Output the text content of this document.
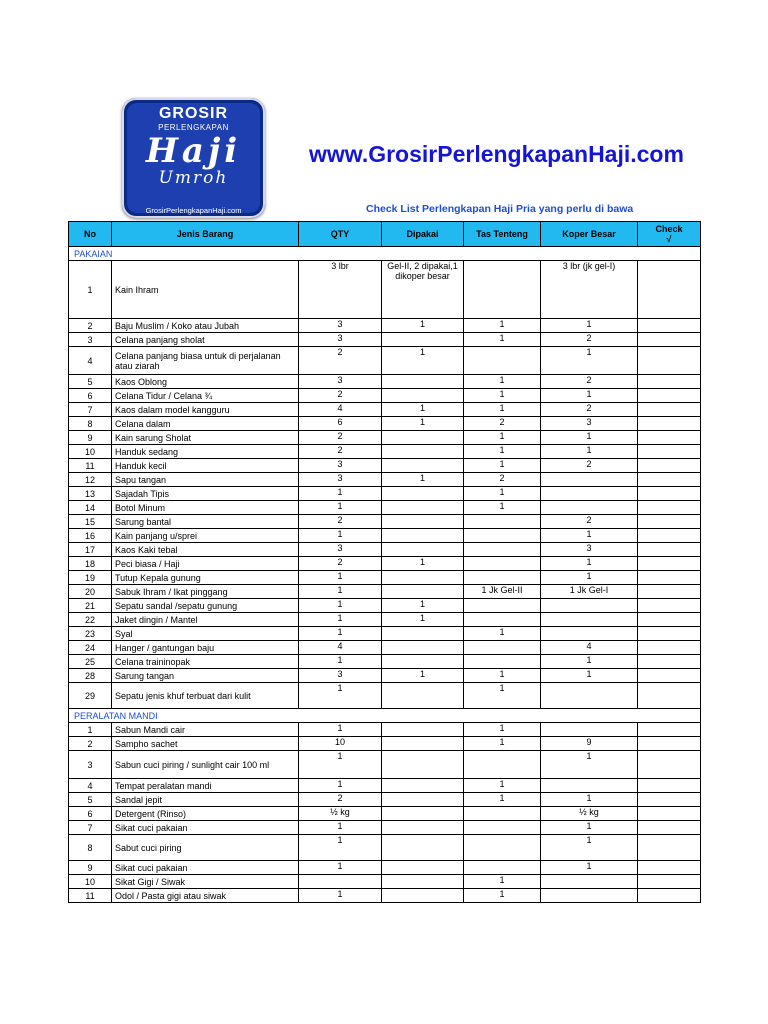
GROSIR
PERLENGKAPAN
Haji
Umroh
GrosirPerlengkapanHaji.com
www.GrosirPerlengkapanHaji.com
Check List Perlengkapan Haji Pria yang perlu di bawa
No	Jenis Barang	QTY	Dipakai	Tas Tenteng	Koper Besar	Check
√

PAKAIAN						
1	Kain Ihram	3 lbr	Gel-II, 2 dipakai,1 dikoper besar		3 lbr (jk gel-I)	
2	Baju Muslim / Koko atau Jubah	3	1	1	1	
3	Celana panjang sholat	3		1	2	
4	Celana panjang biasa untuk di perjalanan atau ziarah	2	1		1	
5	Kaos Oblong	3		1	2	
6	Celana Tidur / Celana ¾	2		1	1	
7	Kaos dalam model kangguru	4	1	1	2	
8	Celana dalam	6	1	2	3	
9	Kain sarung Sholat	2		1	1	
10	Handuk sedang	2		1	1	
11	Handuk kecil	3		1	2	
12	Sapu tangan	3	1	2		
13	Sajadah Tipis	1		1		
14	Botol Minum	1		1		
15	Sarung bantal	2			2	
16	Kain panjang u/sprei	1			1	
17	Kaos Kaki tebal	3			3	
18	Peci biasa / Haji	2	1		1	
19	Tutup Kepala gunung	1			1	
20	Sabuk Ihram / Ikat pinggang	1		1 Jk Gel-II	1 Jk Gel-I	
21	Sepatu sandal /sepatu gunung	1	1			
22	Jaket dingin / Mantel	1	1			
23	Syal	1		1		
24	Hanger / gantungan baju	4			4	
25	Celana traininopak	1			1	
28	Sarung tangan	3	1	1	1	
29	Sepatu jenis khuf terbuat dari kulit	1		1		
PERALATAN MANDI						
1	Sabun Mandi cair	1		1		
2	Sampho sachet	10		1	9	
3	Sabun cuci piring / sunlight cair 100 ml	1			1	
4	Tempat peralatan mandi	1		1		
5	Sandal jepit	2		1	1	
6	Detergent (Rinso)	½ kg			½ kg	
7	Sikat cuci pakaian	1			1	
8	Sabut cuci piring	1			1	
9	Sikat cuci pakaian	1			1	
10	Sikat Gigi / Siwak			1		
11	Odol / Pasta gigi atau siwak	1		1		
